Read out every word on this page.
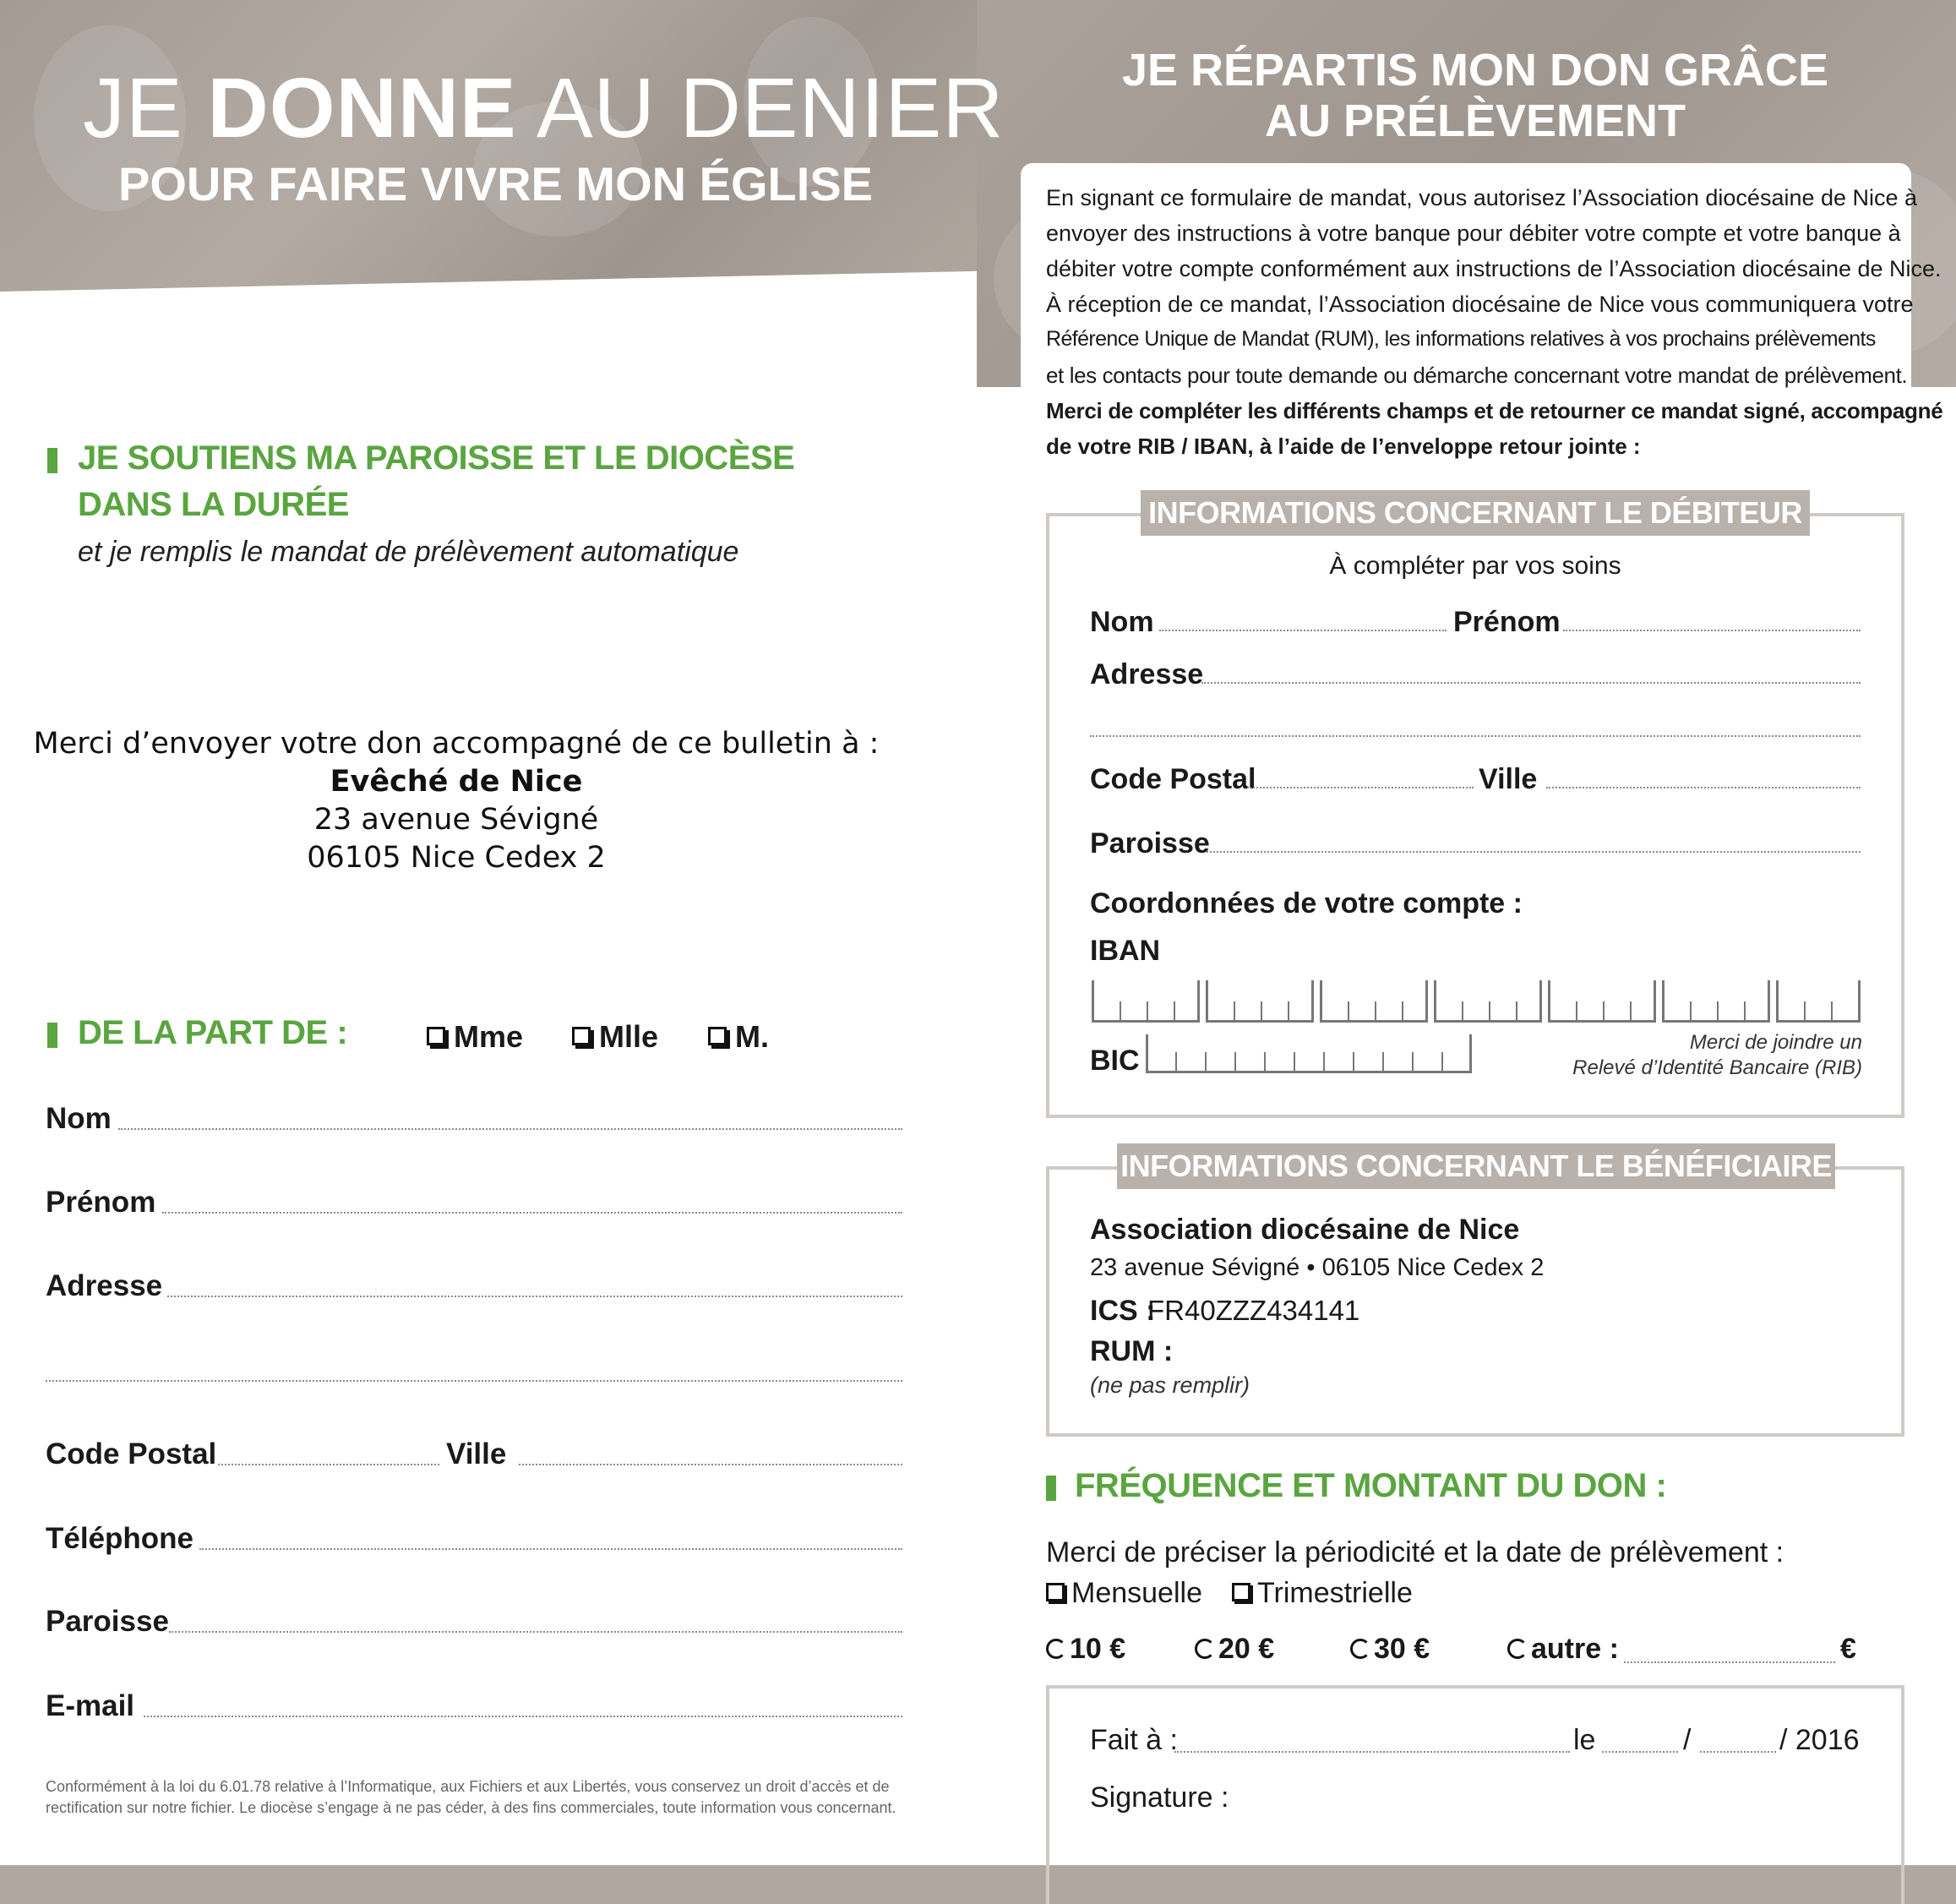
JE DONNE AU DENIER
POUR FAIRE VIVRE MON ÉGLISE
JE RÉPARTIS MON DON GRÂCE
AU PRÉLÈVEMENT
En signant ce formulaire de mandat, vous autorisez l’Association diocésaine de Nice à
envoyer des instructions à votre banque pour débiter votre compte et votre banque à
débiter votre compte conformément aux instructions de l’Association diocésaine de Nice.
À réception de ce mandat, l’Association diocésaine de Nice vous communiquera votre
Référence Unique de Mandat (RUM), les informations relatives à vos prochains prélèvements
et les contacts pour toute demande ou démarche concernant votre mandat de prélèvement.
Merci de compléter les différents champs et de retourner ce mandat signé, accompagné
de votre RIB / IBAN, à l’aide de l’enveloppe retour jointe :
JE SOUTIENS MA PAROISSE ET LE DIOCÈSE
DANS LA DURÉE
et je remplis le mandat de prélèvement automatique
Merci d’envoyer votre don accompagné de ce bulletin à :
Evêché de Nice
23 avenue Sévigné
06105 Nice Cedex 2
DE LA PART DE :	Mme	Mlle	M.
Nom
Prénom
Adresse
Code Postal	Ville
Téléphone
Paroisse
E-mail
Conformément à la loi du 6.01.78 relative à l’Informatique, aux Fichiers et aux Libertés, vous conservez un droit d’accès et de
rectification sur notre fichier. Le diocèse s’engage à ne pas céder, à des fins commerciales, toute information vous concernant.
INFORMATIONS CONCERNANT LE DÉBITEUR
À compléter par vos soins
Nom	Prénom
Adresse
Code Postal	Ville
Paroisse
Coordonnées de votre compte :
IBAN
BIC
Merci de joindre un
Relevé d’Identité Bancaire (RIB)
INFORMATIONS CONCERNANT LE BÉNÉFICIAIRE
Association diocésaine de Nice
23 avenue Sévigné • 06105 Nice Cedex 2
ICS :
FR40ZZZ434141
RUM :
(ne pas remplir)
FRÉQUENCE ET MONTANT DU DON :
Merci de préciser la périodicité et la date de prélèvement :
Mensuelle	Trimestrielle
10 €	20 €	30 €	autre :	€
Fait à :	le	/	/ 2016
Signature :
